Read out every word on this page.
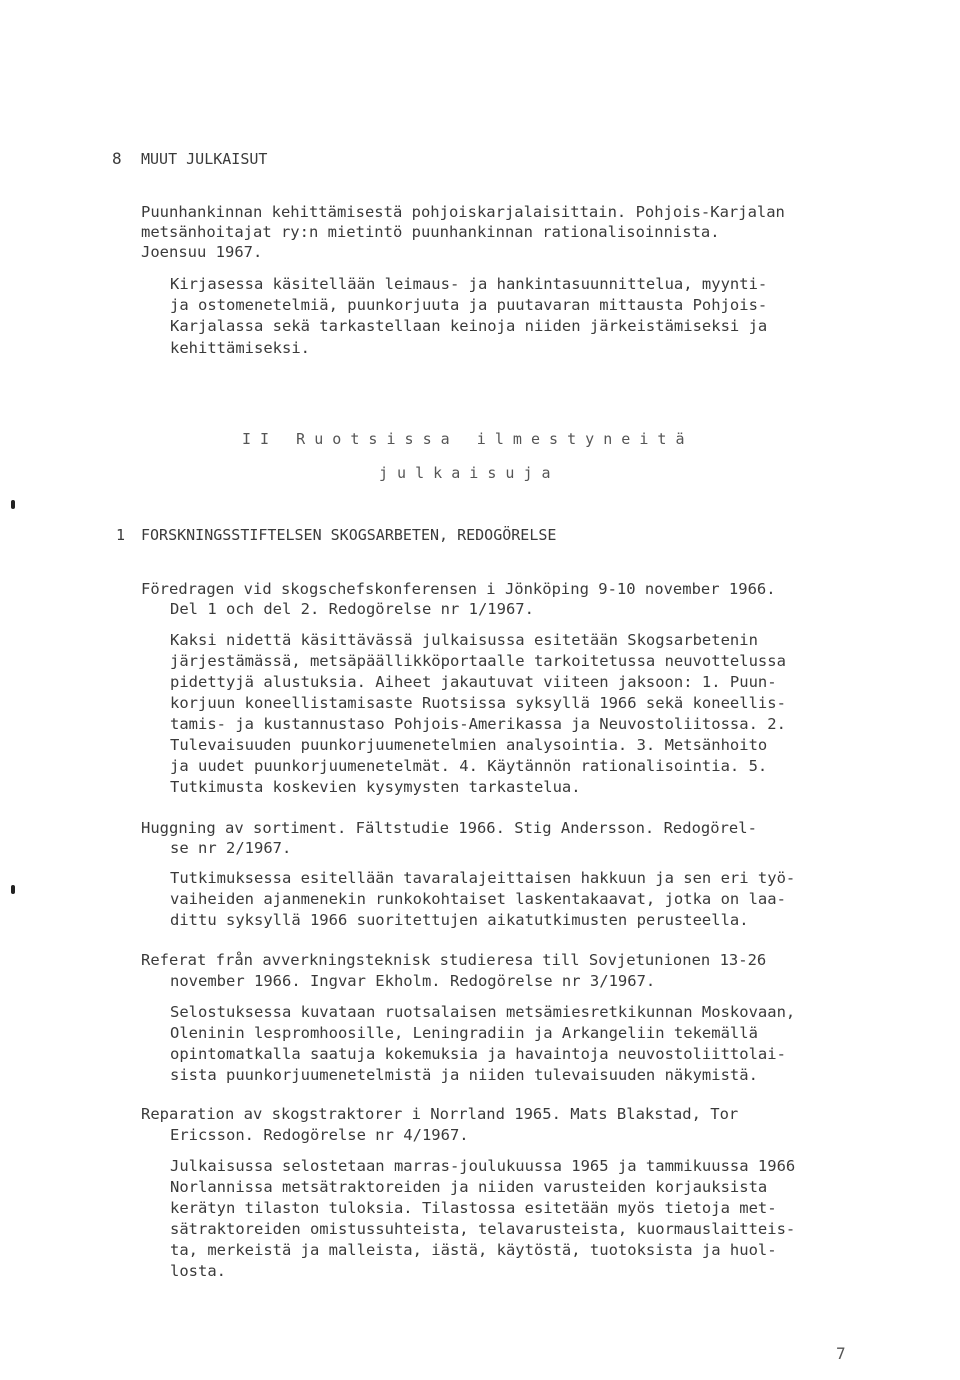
8 MUUT JULKAISUT
Puunhankinnan kehittämisestä pohjoiskarjalaisittain. Pohjois-Karjalan
metsänhoitajat ry:n mietintö puunhankinnan rationalisoinnista.
Joensuu 1967.
Kirjasessa käsitellään leimaus- ja hankintasuunnittelua, myynti-
ja ostomenetelmiä, puunkorjuuta ja puutavaran mittausta Pohjois-
Karjalassa sekä tarkastellaan keinoja niiden järkeistämiseksi ja
kehittämiseksi.
I I   R u o t s i s s a   i l m e s t y n e i t ä
j u l k a i s u j a
1 FORSKNINGSSTIFTELSEN SKOGSARBETEN, REDOGÖRELSE
Föredragen vid skogschefskonferensen i Jönköping 9-10 november 1966.
Del 1 och del 2. Redogörelse nr 1/1967.
Kaksi nidettä käsittävässä julkaisussa esitetään Skogsarbetenin
järjestämässä, metsäpäällikköportaalle tarkoitetussa neuvottelussa
pidettyjä alustuksia. Aiheet jakautuvat viiteen jaksoon: 1. Puun-
korjuun koneellistamisaste Ruotsissa syksyllä 1966 sekä koneellis-
tamis- ja kustannustaso Pohjois-Amerikassa ja Neuvostoliitossa. 2.
Tulevaisuuden puunkorjuumenetelmien analysointia. 3. Metsänhoito
ja uudet puunkorjuumenetelmät. 4. Käytännön rationalisointia. 5.
Tutkimusta koskevien kysymysten tarkastelua.
Huggning av sortiment. Fältstudie 1966. Stig Andersson. Redogörel-
se nr 2/1967.
Tutkimuksessa esitellään tavaralajeittaisen hakkuun ja sen eri työ-
vaiheiden ajanmenekin runkokohtaiset laskentakaavat, jotka on laa-
dittu syksyllä 1966 suoritettujen aikatutkimusten perusteella.
Referat från avverkningsteknisk studieresa till Sovjetunionen 13-26
november 1966. Ingvar Ekholm. Redogörelse nr 3/1967.
Selostuksessa kuvataan ruotsalaisen metsämiesretkikunnan Moskovaan,
Oleninin lespromhoosille, Leningradiin ja Arkangeliin tekemällä
opintomatkalla saatuja kokemuksia ja havaintoja neuvostoliittolai-
sista puunkorjuumenetelmistä ja niiden tulevaisuuden näkymistä.
Reparation av skogstraktorer i Norrland 1965. Mats Blakstad, Tor
Ericsson. Redogörelse nr 4/1967.
Julkaisussa selostetaan marras-joulukuussa 1965 ja tammikuussa 1966
Norlannissa metsätraktoreiden ja niiden varusteiden korjauksista
kerätyn tilaston tuloksia. Tilastossa esitetään myös tietoja met-
sätraktoreiden omistussuhteista, telavarusteista, kuormauslaitteis-
ta, merkeistä ja malleista, iästä, käytöstä, tuotoksista ja huol-
losta.
7
